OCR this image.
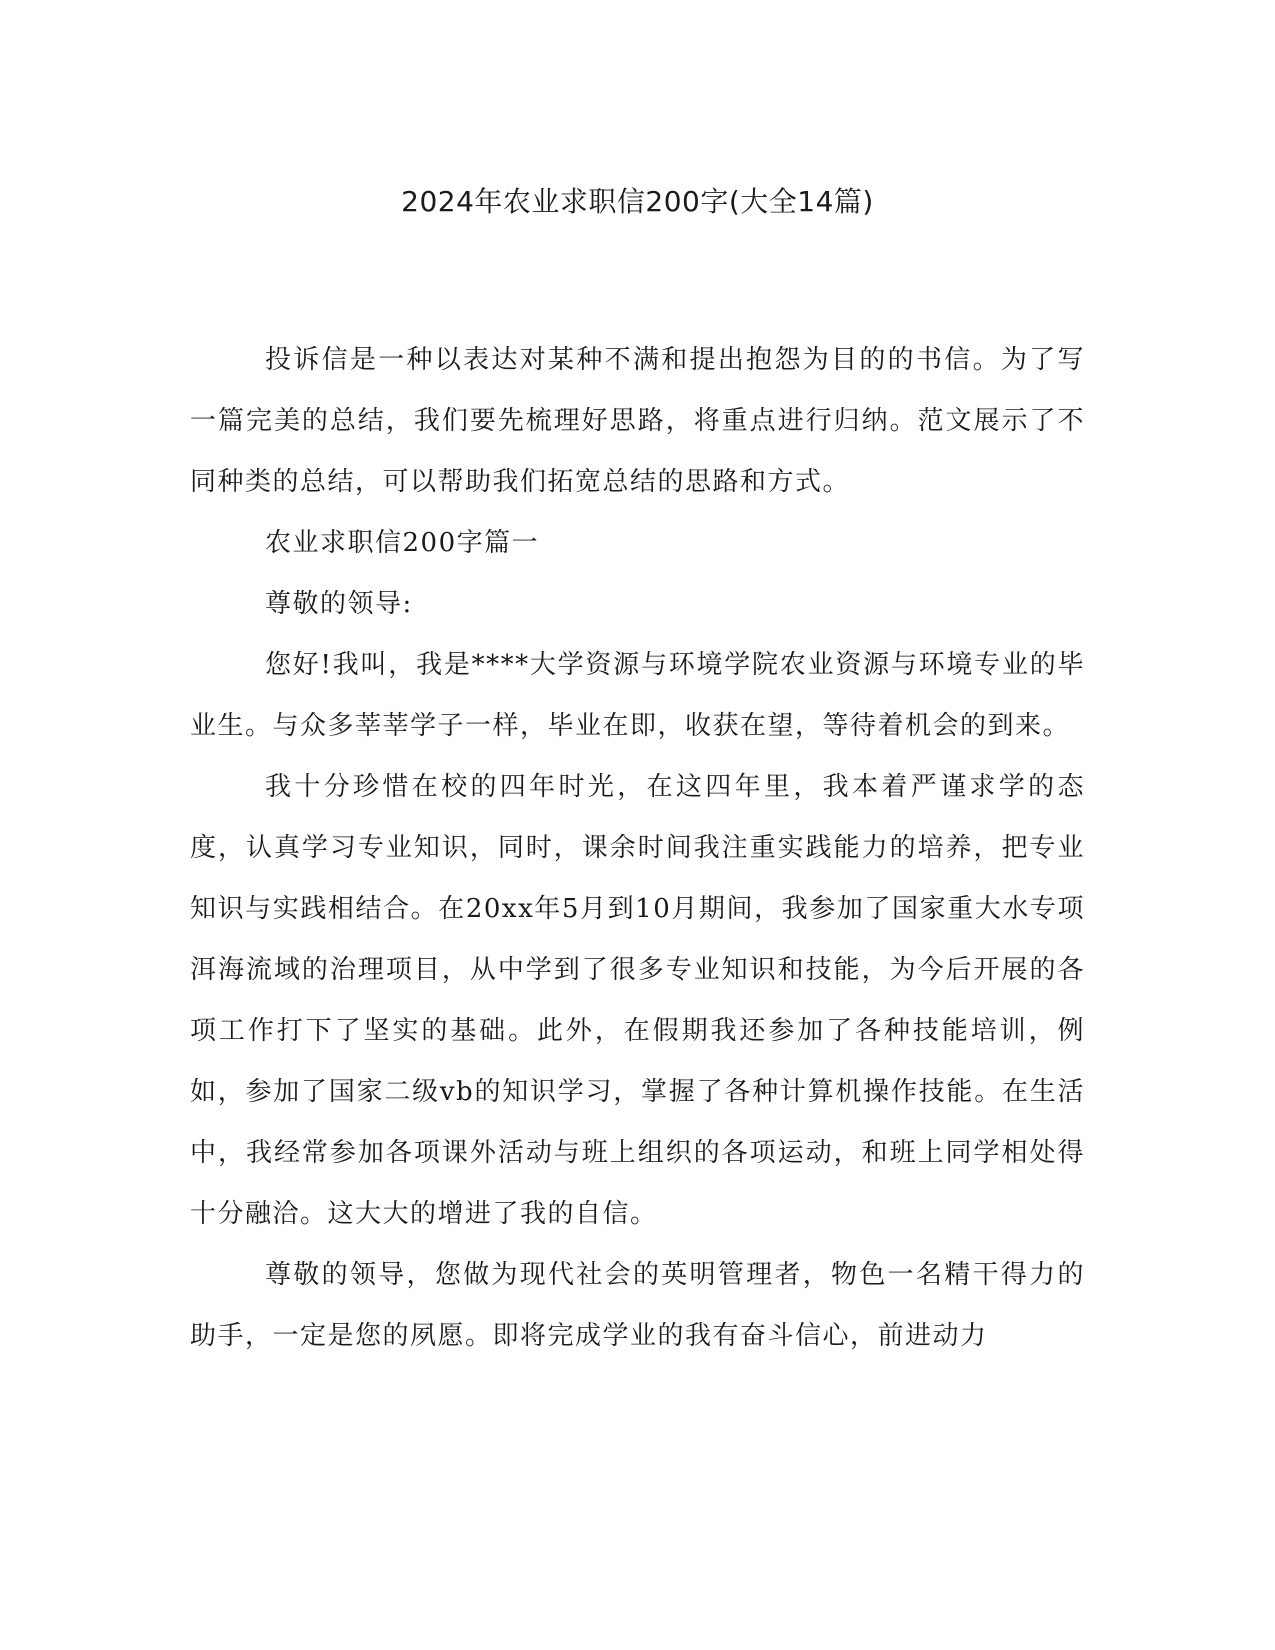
2024年农业求职信200字(大全14篇)

投诉信是一种以表达对某种不满和提出抱怨为目的的书信。为了写一篇完美的总结，我们要先梳理好思路，将重点进行归纳。范文展示了不同种类的总结，可以帮助我们拓宽总结的思路和方式。

农业求职信200字篇一

尊敬的领导:

您好!我叫，我是****大学资源与环境学院农业资源与环境专业的毕业生。与众多莘莘学子一样，毕业在即，收获在望，等待着机会的到来。

我十分珍惜在校的四年时光，在这四年里，我本着严谨求学的态度，认真学习专业知识，同时，课余时间我注重实践能力的培养，把专业知识与实践相结合。在20xx年5月到10月期间，我参加了国家重大水专项洱海流域的治理项目，从中学到了很多专业知识和技能，为今后开展的各项工作打下了坚实的基础。此外，在假期我还参加了各种技能培训，例如，参加了国家二级vb的知识学习，掌握了各种计算机操作技能。在生活中，我经常参加各项课外活动与班上组织的各项运动，和班上同学相处得十分融洽。这大大的增进了我的自信。

尊敬的领导，您做为现代社会的英明管理者，物色一名精干得力的助手，一定是您的夙愿。即将完成学业的我有奋斗信心，前进动力
